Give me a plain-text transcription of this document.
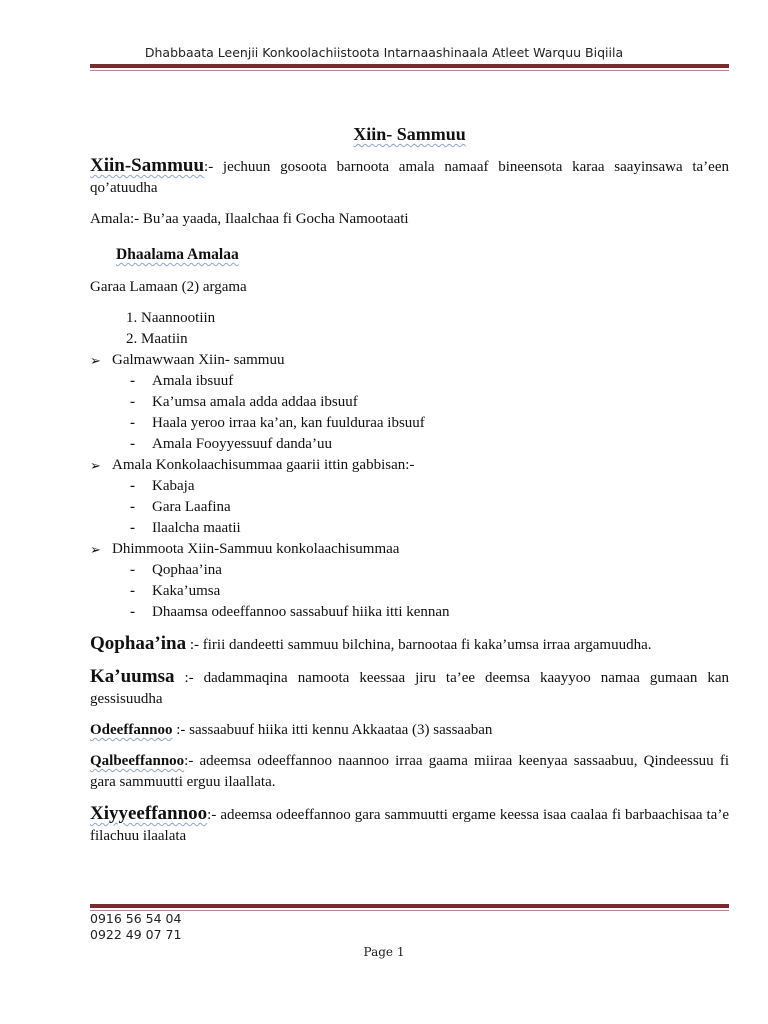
Dhabbaata Leenjii Konkoolachiistoota Intarnaashinaala Atleet Warquu Biqiila
Xiin- Sammuu

Xiin-Sammuu:- jechuun gosoota barnoota amala namaaf bineensota karaa saayinsawa ta’een qo’atuudha

Amala:- Bu’aa yaada, Ilaalchaa fi Gocha Namootaati

Dhaalama Amalaa

Garaa Lamaan (2) argama

1. Naannootiin
2. Maatiin
➢ Galmawwaan Xiin- sammuu
-	Amala ibsuuf
-	Ka’umsa amala adda addaa ibsuuf
-	Haala yeroo irraa ka’an, kan fuulduraa ibsuuf
-	Amala Fooyyessuuf danda’uu
➢ Amala Konkolaachisummaa gaarii ittin gabbisan:-
-	Kabaja
-	Gara Laafina
-	Ilaalcha maatii
➢ Dhimmoota Xiin-Sammuu konkolaachisummaa
-	Qophaa’ina
-	Kaka’umsa
-	Dhaamsa odeeffannoo sassabuuf hiika itti kennan

Qophaa’ina :- firii dandeetti sammuu bilchina, barnootaa fi kaka’umsa irraa argamuudha.

Ka’uumsa :- dadammaqina namoota keessaa jiru ta’ee deemsa kaayyoo namaa gumaan kan gessisuudha

Odeeffannoo :- sassaabuuf hiika itti kennu Akkaataa (3) sassaaban

Qalbeeffannoo:- adeemsa odeeffannoo naannoo irraa gaama miiraa keenyaa sassaabuu, Qindeessuu fi gara sammuutti erguu ilaallata.

Xiyyeeffannoo:- adeemsa odeeffannoo gara sammuutti ergame keessa isaa caalaa fi barbaachisaa ta’e filachuu ilaalata

0916 56 54 04
0922 49 07 71
Page 1
